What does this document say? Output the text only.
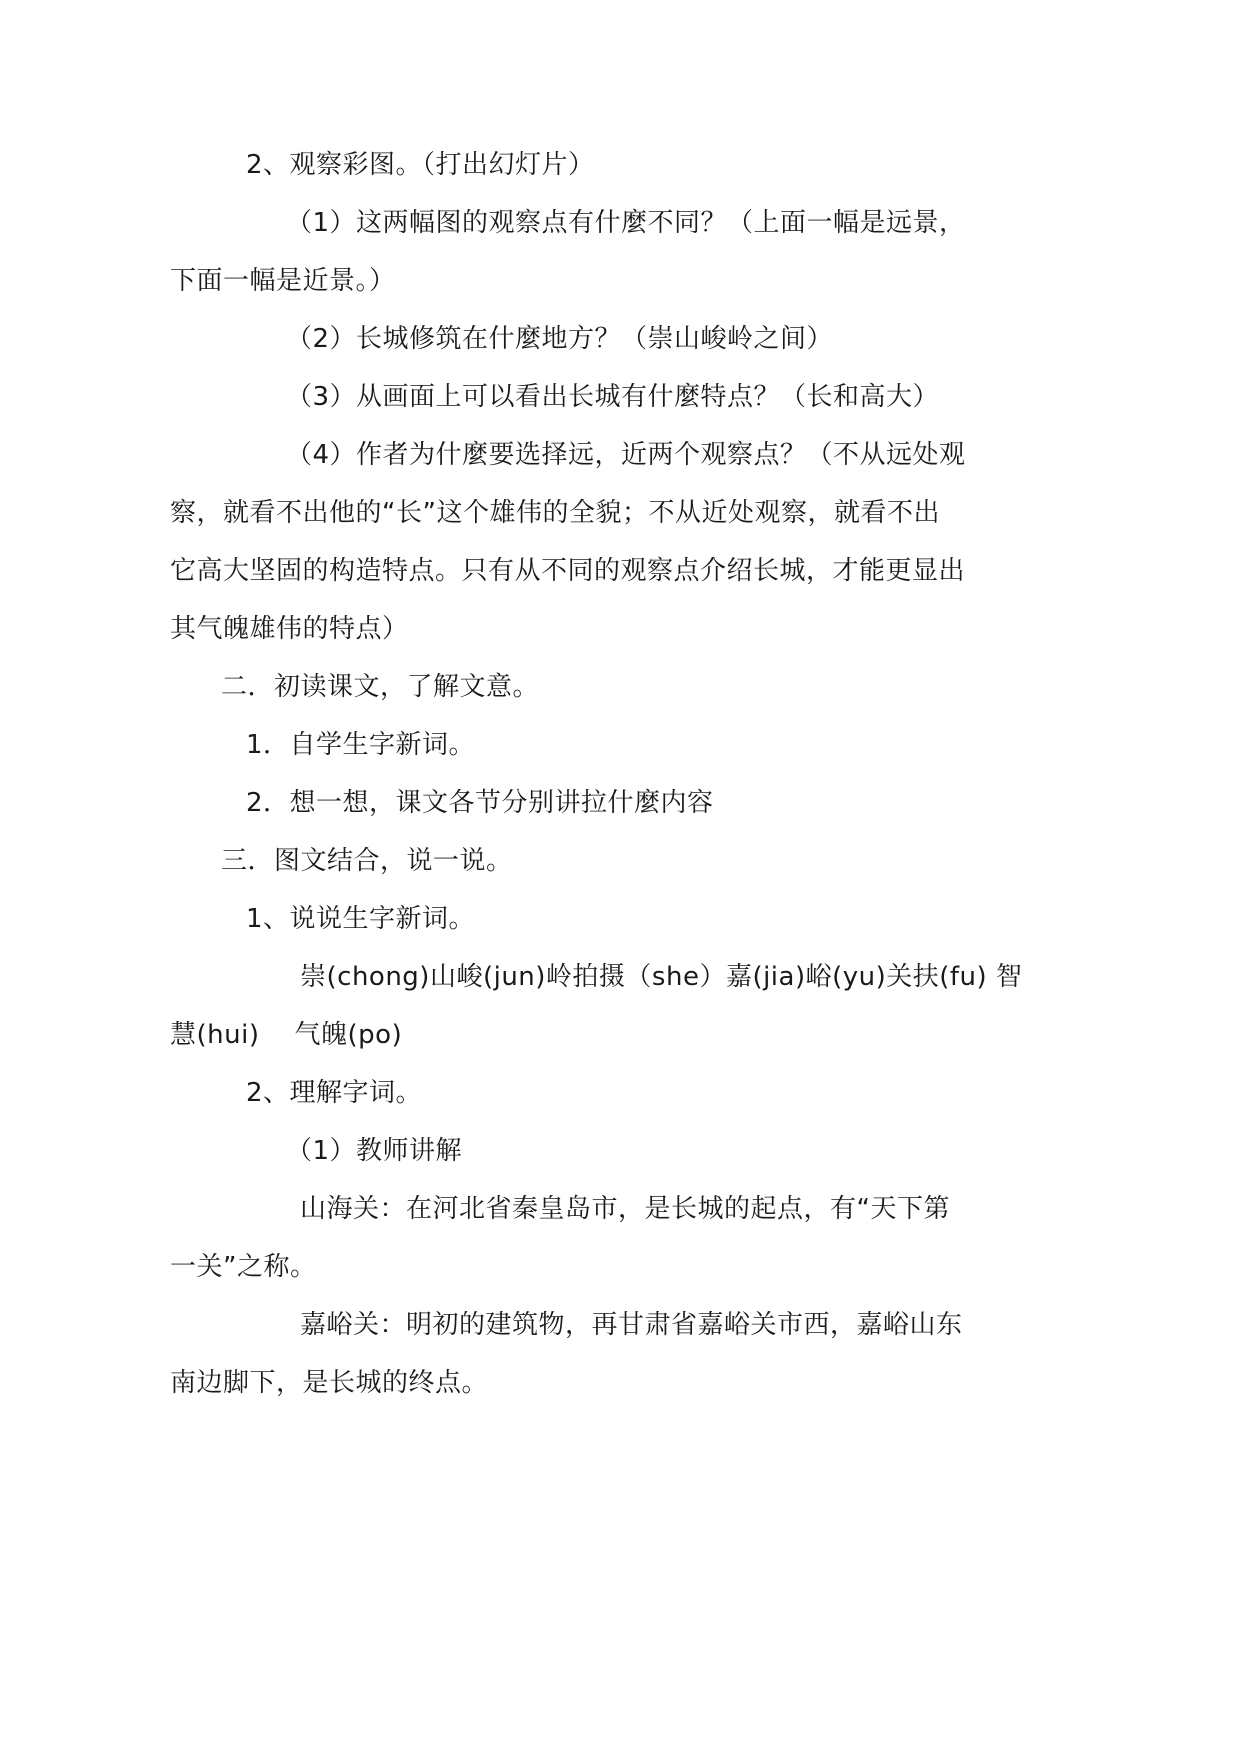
2、观察彩图。（打出幻灯片）
（1）这两幅图的观察点有什麼不同？（上面一幅是远景，
下面一幅是近景。）
（2）长城修筑在什麼地方？（崇山峻岭之间）
（3）从画面上可以看出长城有什麼特点？（长和高大）
（4）作者为什麼要选择远，近两个观察点？（不从远处观
察，就看不出他的“长”这个雄伟的全貌；不从近处观察，就看不出
它高大坚固的构造特点。只有从不同的观察点介绍长城，才能更显出
其气魄雄伟的特点）
二．初读课文，了解文意。
1．自学生字新词。
2．想一想，课文各节分别讲拉什麼内容
三．图文结合，说一说。
1、说说生字新词。
崇(chong)山峻(jun)岭拍摄（she）嘉(jia)峪(yu)关扶(fu) 智
慧(hui)    气魄(po)
2、理解字词。
（1）教师讲解
山海关：在河北省秦皇岛市，是长城的起点，有“天下第
一关”之称。
嘉峪关：明初的建筑物，再甘肃省嘉峪关市西，嘉峪山东
南边脚下，是长城的终点。
